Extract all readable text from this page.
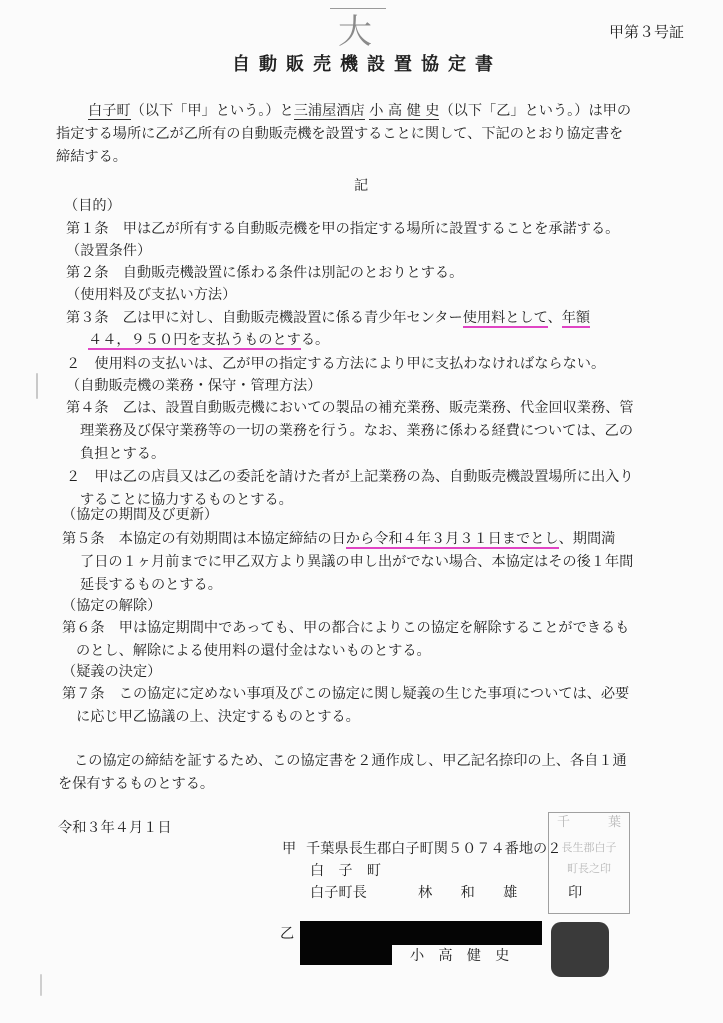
大	甲第３号証
自動販売機設置協定書
白子町（以下「甲」という。）と三浦屋酒店 小 高 健 史（以下「乙」という。）は甲の
指定する場所に乙が乙所有の自動販売機を設置することに関して、下記のとおり協定書を
締結する。
記
（目的）
第１条　甲は乙が所有する自動販売機を甲の指定する場所に設置することを承諾する。
（設置条件）
第２条　自動販売機設置に係わる条件は別記のとおりとする。
（使用料及び支払い方法）
第３条　乙は甲に対し、自動販売機設置に係る青少年センター使用料として、年額
４４，９５０円を支払うものとする。
２　使用料の支払いは、乙が甲の指定する方法により甲に支払わなければならない。
（自動販売機の業務・保守・管理方法）
第４条　乙は、設置自動販売機においての製品の補充業務、販売業務、代金回収業務、管
理業務及び保守業務等の一切の業務を行う。なお、業務に係わる経費については、乙の
負担とする。
２　甲は乙の店員又は乙の委託を請けた者が上記業務の為、自動販売機設置場所に出入り
することに協力するものとする。
（協定の期間及び更新）
第５条　本協定の有効期間は本協定締結の日から令和４年３月３１日までとし、期間満
了日の１ヶ月前までに甲乙双方より異議の申し出がでない場合、本協定はその後１年間
延長するものとする。
（協定の解除）
第６条　甲は協定期間中であっても、甲の都合によりこの協定を解除することができるも
のとし、解除による使用料の還付金はないものとする。
（疑義の決定）
第７条　この協定に定めない事項及びこの協定に関し疑義の生じた事項については、必要
に応じ甲乙協議の上、決定するものとする。
この協定の締結を証するため、この協定書を２通作成し、甲乙記名捺印の上、各自１通
を保有するものとする。
令和３年４月１日
甲 千葉県長生郡白子町関５０７４番地の２
白　子　町
白子町長	林　　和　　雄	印
千	葉
長生郡白子
町長之印
乙
小　高　健　史
